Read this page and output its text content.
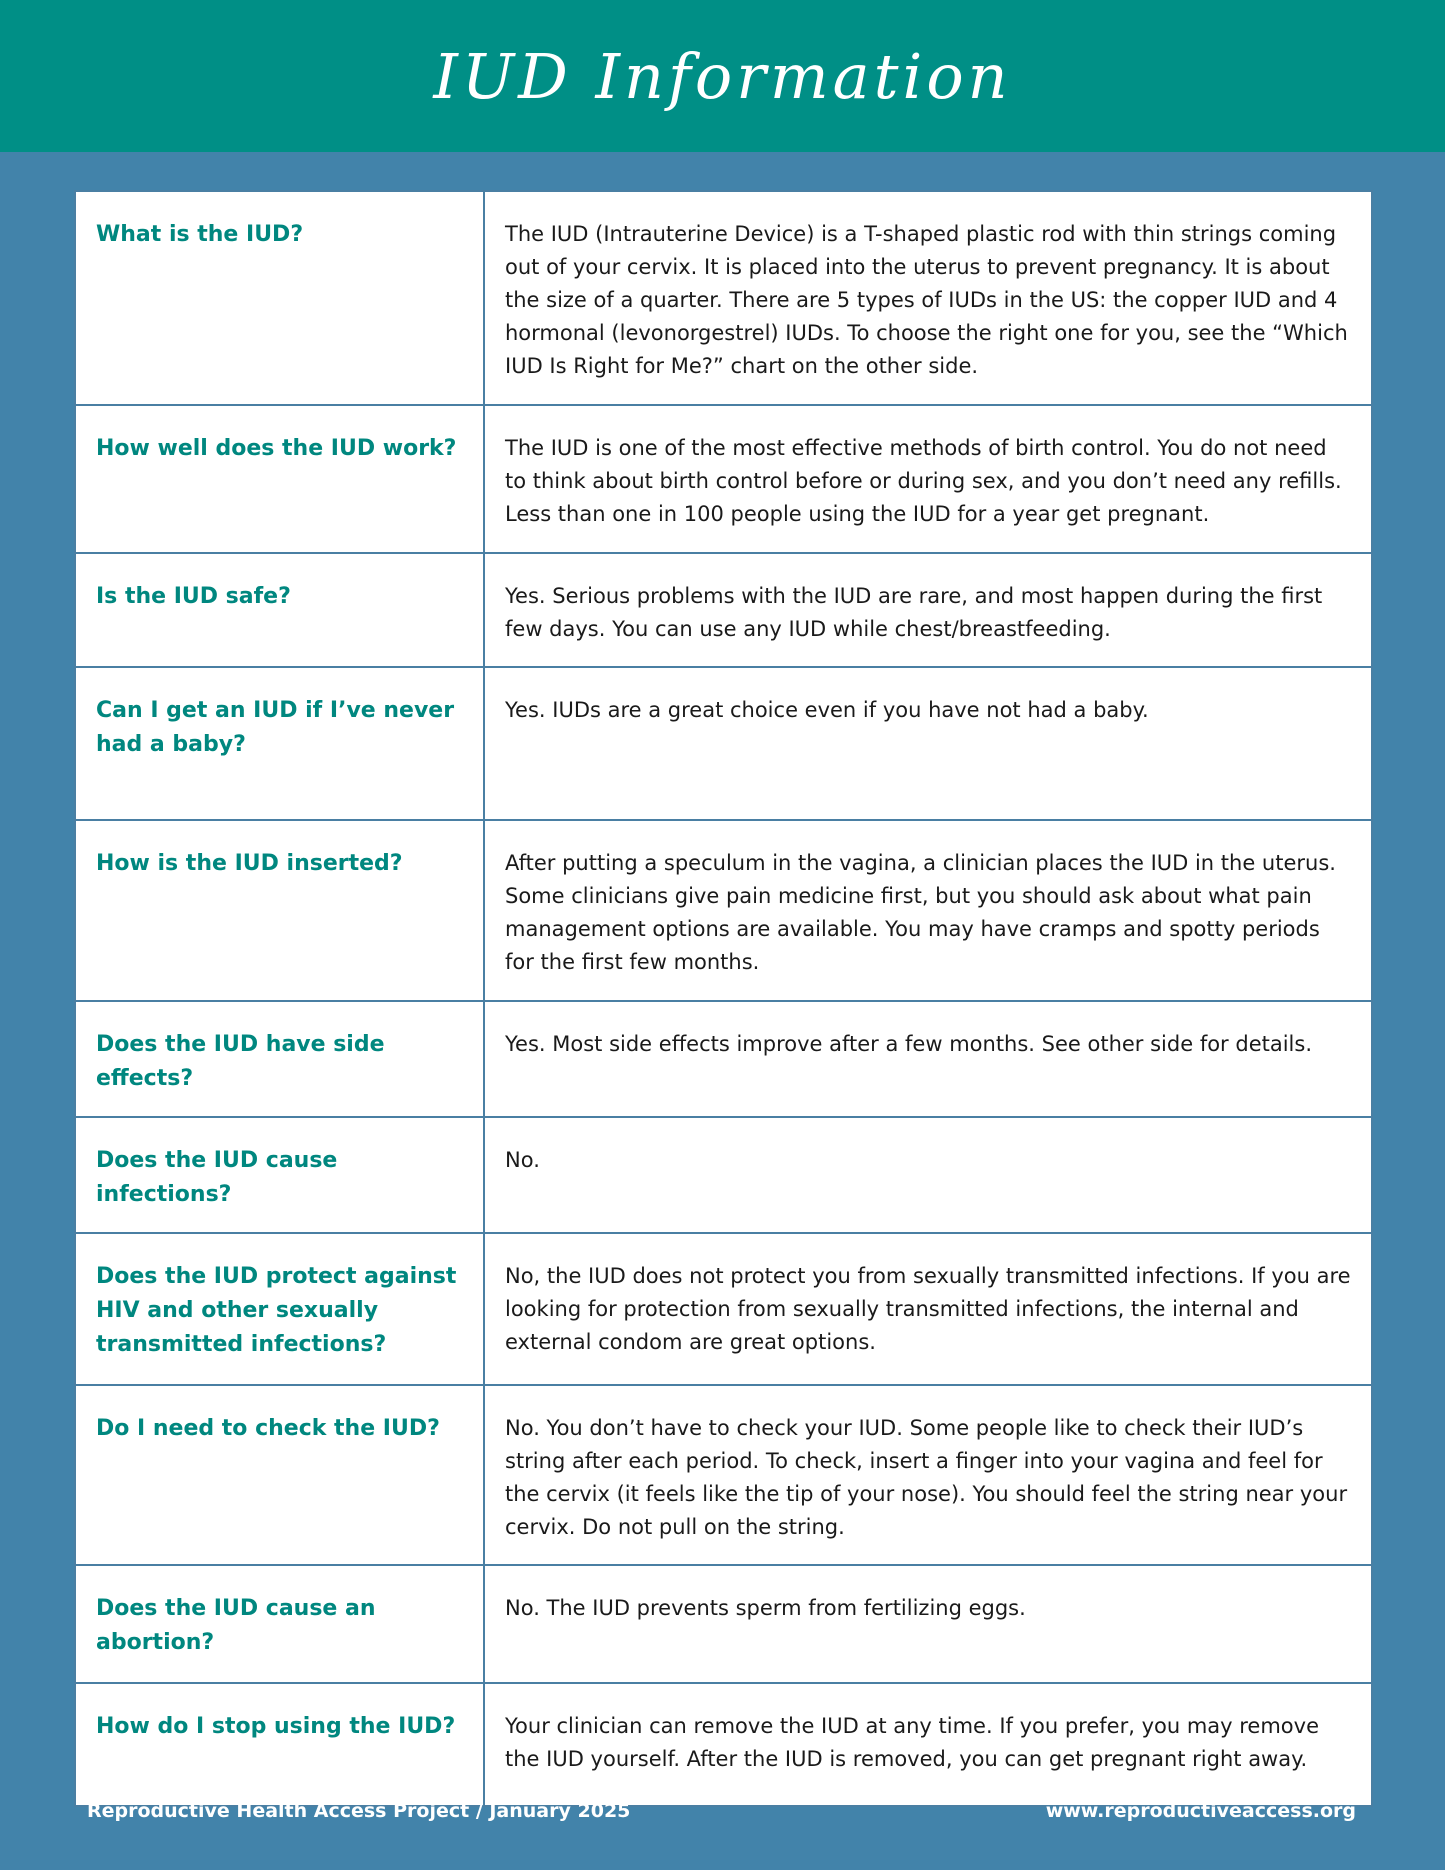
IUD Information
What is the IUD?	The IUD (Intrauterine Device) is a T-shaped plastic rod with thin strings coming out of your cervix. It is placed into the uterus to prevent pregnancy. It is about the size of a quarter. There are 5 types of IUDs in the US: the copper IUD and 4 hormonal (levonorgestrel) IUDs. To choose the right one for you, see the “Which IUD Is Right for Me?” chart on the other side.
How well does the IUD work?	The IUD is one of the most effective methods of birth control. You do not need to think about birth control before or during sex, and you don’t need any refills. Less than one in 100 people using the IUD for a year get pregnant.
Is the IUD safe?	Yes. Serious problems with the IUD are rare, and most happen during the first few days. You can use any IUD while chest/breastfeeding.
Can I get an IUD if I’ve never had a baby?	Yes. IUDs are a great choice even if you have not had a baby.
How is the IUD inserted?	After putting a speculum in the vagina, a clinician places the IUD in the uterus. Some clinicians give pain medicine first, but you should ask about what pain management options are available. You may have cramps and spotty periods for the first few months.
Does the IUD have side effects?	Yes. Most side effects improve after a few months. See other side for details.
Does the IUD cause infections?	No.
Does the IUD protect against HIV and other sexually transmitted infections?	No, the IUD does not protect you from sexually transmitted infections. If you are looking for protection from sexually transmitted infections, the internal and external condom are great options.
Do I need to check the IUD?	No. You don’t have to check your IUD. Some people like to check their IUD’s string after each period. To check, insert a finger into your vagina and feel for the cervix (it feels like the tip of your nose). You should feel the string near your cervix. Do not pull on the string.
Does the IUD cause an abortion?	No. The IUD prevents sperm from fertilizing eggs.
How do I stop using the IUD?	Your clinician can remove the IUD at any time. If you prefer, you may remove the IUD yourself. After the IUD is removed, you can get pregnant right away.
Reproductive Health Access Project / January 2025	www.reproductiveaccess.org
